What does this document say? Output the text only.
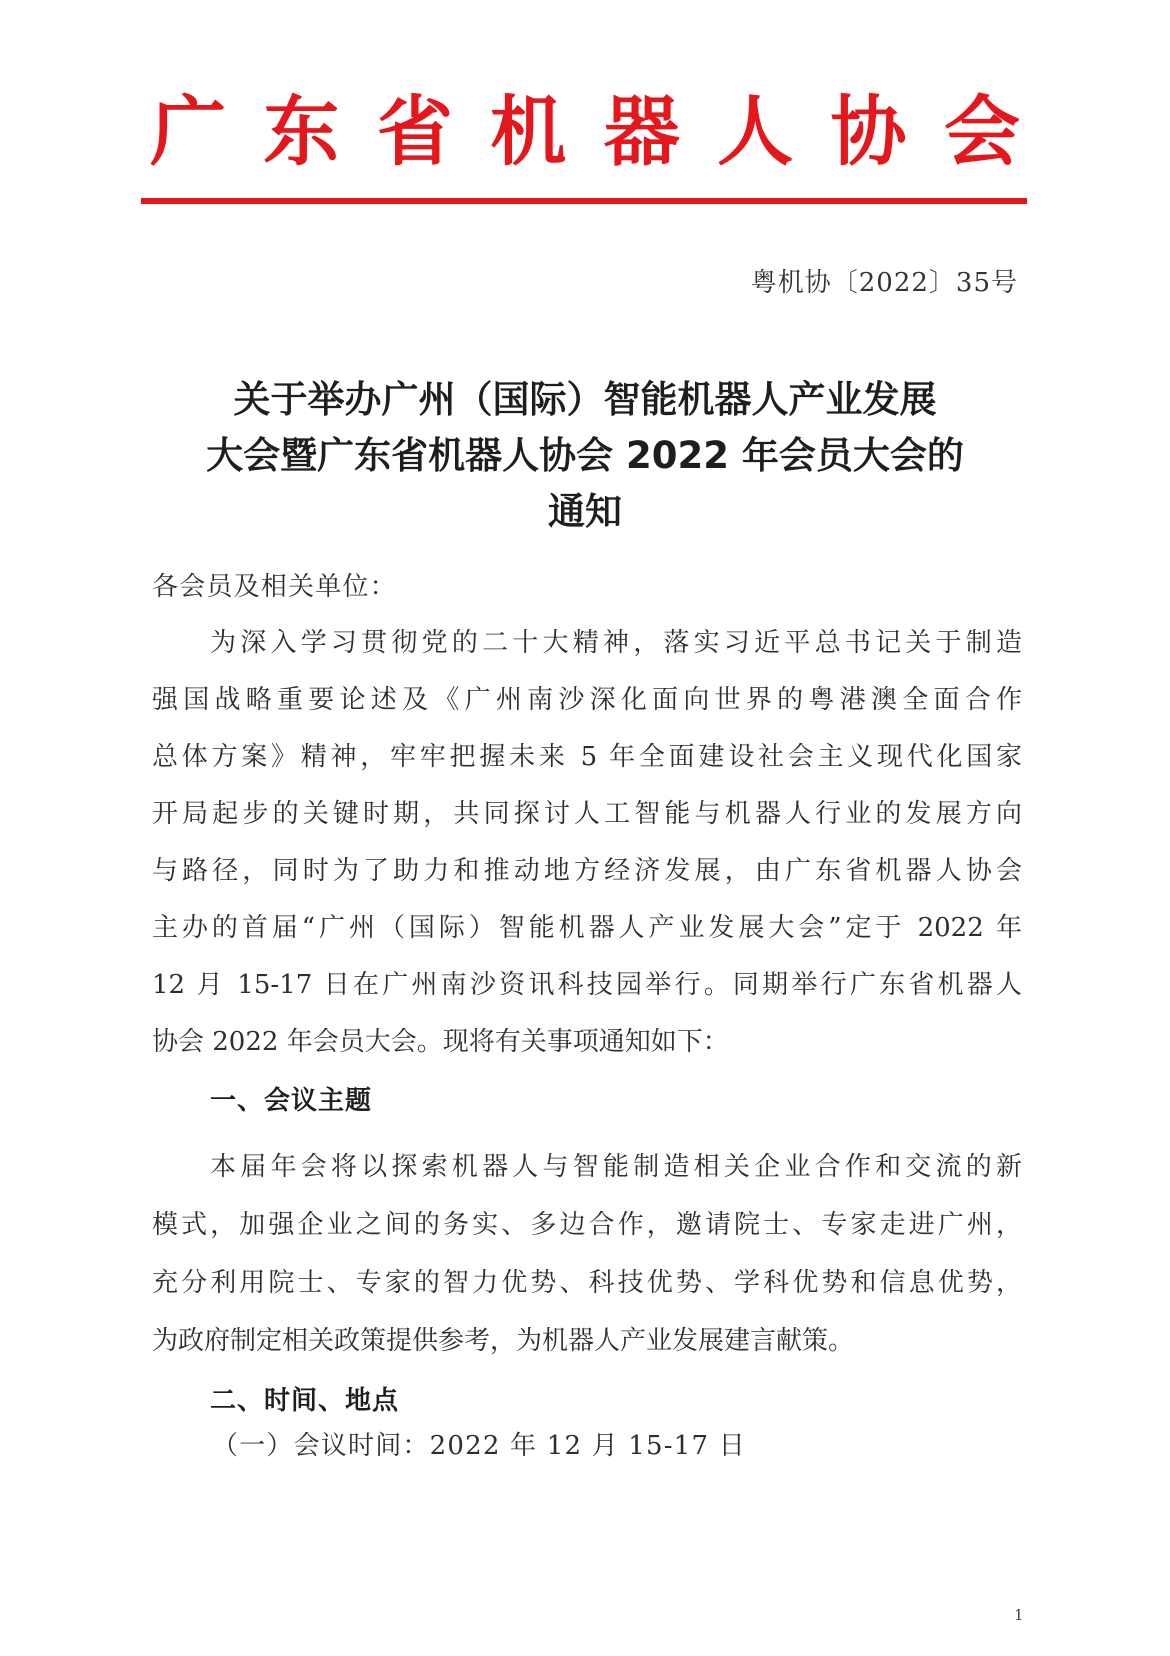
广 东 省 机 器 人 协 会
粤机协〔2022〕35号
关于举办广州（国际）智能机器人产业发展
大会暨广东省机器人协会 2022 年会员大会的
通知
各会员及相关单位：
为深入学习贯彻党的二十大精神，落实习近平总书记关于制造
强国战略重要论述及《广州南沙深化面向世界的粤港澳全面合作
总体方案》精神，牢牢把握未来 5 年全面建设社会主义现代化国家
开局起步的关键时期，共同探讨人工智能与机器人行业的发展方向
与路径，同时为了助力和推动地方经济发展，由广东省机器人协会
主办的首届“广州（国际）智能机器人产业发展大会”定于 2022 年
12 月 15-17 日在广州南沙资讯科技园举行。同期举行广东省机器人
协会 2022 年会员大会。现将有关事项通知如下：
一、会议主题
本届年会将以探索机器人与智能制造相关企业合作和交流的新
模式，加强企业之间的务实、多边合作，邀请院士、专家走进广州，
充分利用院士、专家的智力优势、科技优势、学科优势和信息优势，
为政府制定相关政策提供参考，为机器人产业发展建言献策。
二、时间、地点
（一）会议时间：2022 年 12 月 15-17 日
1
